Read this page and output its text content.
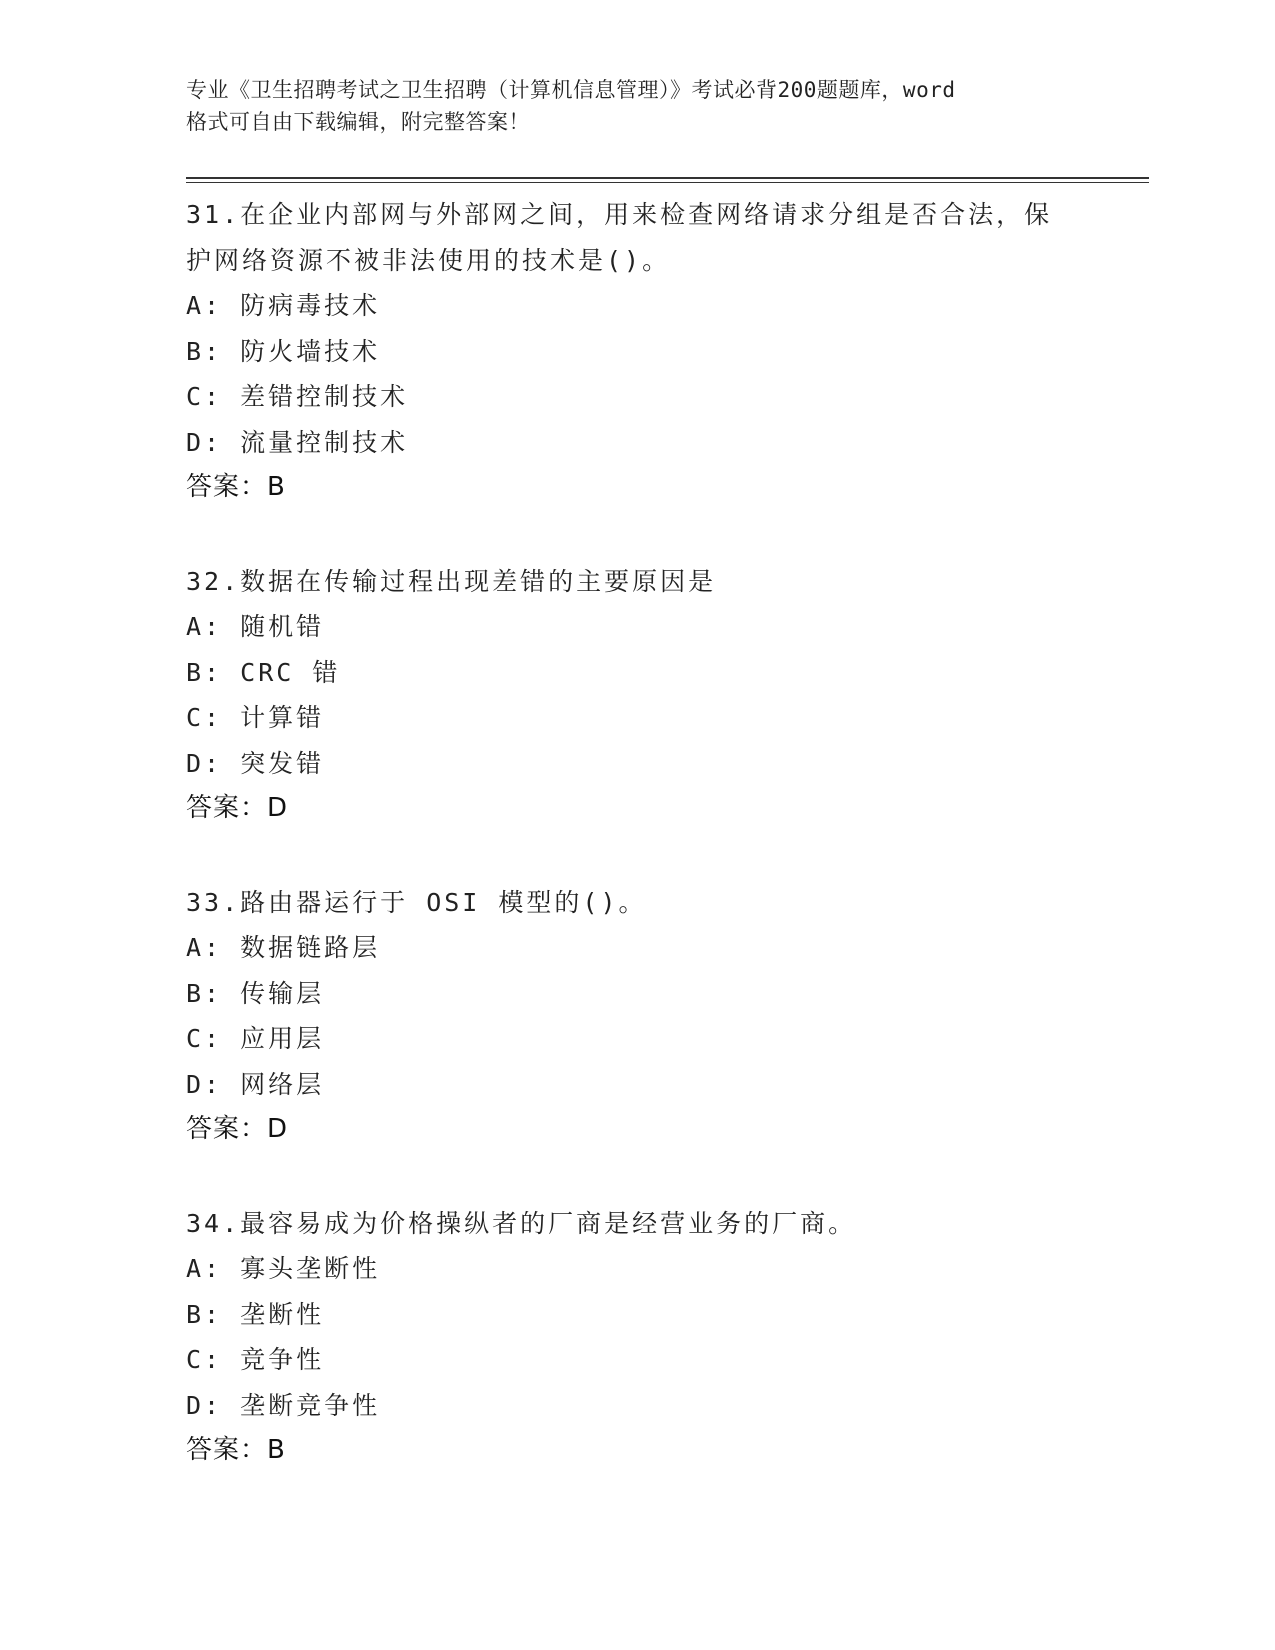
专业《卫生招聘考试之卫生招聘（计算机信息管理）》考试必背200题题库，word
格式可自由下载编辑，附完整答案！
31.在企业内部网与外部网之间，用来检查网络请求分组是否合法，保
护网络资源不被非法使用的技术是()。
A: 防病毒技术
B: 防火墙技术
C: 差错控制技术
D: 流量控制技术
答案：B
32.数据在传输过程出现差错的主要原因是
A: 随机错
B: CRC 错
C: 计算错
D: 突发错
答案：D
33.路由器运行于 OSI 模型的()。
A: 数据链路层
B: 传输层
C: 应用层
D: 网络层
答案：D
34.最容易成为价格操纵者的厂商是经营业务的厂商。
A: 寡头垄断性
B: 垄断性
C: 竞争性
D: 垄断竞争性
答案：B
